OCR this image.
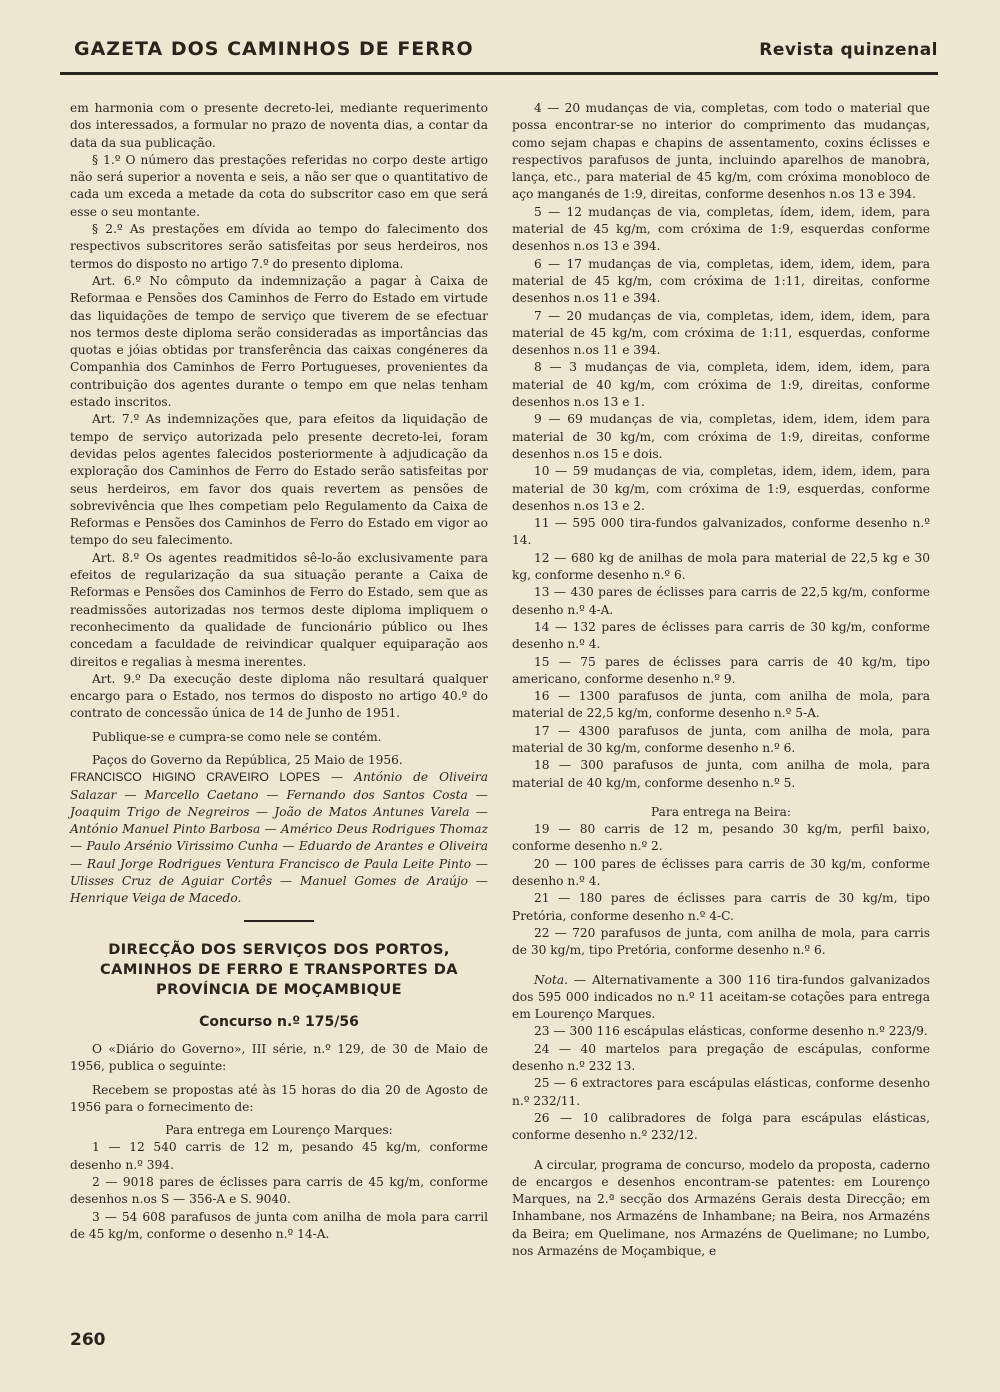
GAZETA DOS CAMINHOS DE FERRO	Revista quinzenal

em harmonia com o presente decreto-lei, mediante requerimento dos interessados, a formular no prazo de noventa dias, a contar da data da sua publicação.

§ 1.º O número das prestações referidas no corpo deste artigo não será superior a noventa e seis, a não ser que o quantitativo de cada um exceda a metade da cota do subscritor caso em que será esse o seu montante.

§ 2.º As prestações em dívida ao tempo do falecimento dos respectivos subscritores serão satisfeitas por seus herdeiros, nos termos do disposto no artigo 7.º do presento diploma.

Art. 6.º No cômputo da indemnização a pagar à Caixa de Reformaa e Pensões dos Caminhos de Ferro do Estado em virtude das liquidações de tempo de serviço que tiverem de se efectuar nos termos deste diploma serão consideradas as importâncias das quotas e jóias obtidas por transferência das caixas congéneres da Companhia dos Caminhos de Ferro Portugueses, provenientes da contribuição dos agentes durante o tempo em que nelas tenham estado inscritos.

Art. 7.º As indemnizações que, para efeitos da liquidação de tempo de serviço autorizada pelo presente decreto-lei, foram devidas pelos agentes falecidos posteriormente à adjudicação da exploração dos Caminhos de Ferro do Estado serão satisfeitas por seus herdeiros, em favor dos quais revertem as pensões de sobrevivência que lhes competiam pelo Regulamento da Caixa de Reformas e Pensões dos Caminhos de Ferro do Estado em vigor ao tempo do seu falecimento.

Art. 8.º Os agentes readmitidos sê-lo-ão exclusivamente para efeitos de regularização da sua situação perante a Caixa de Reformas e Pensões dos Caminhos de Ferro do Estado, sem que as readmissões autorizadas nos termos deste diploma impliquem o reconhecimento da qualidade de funcionário público ou lhes concedam a faculdade de reivindicar qualquer equiparação aos direitos e regalias à mesma inerentes.

Art. 9.º Da execução deste diploma não resultará qualquer encargo para o Estado, nos termos do disposto no artigo 40.º do contrato de concessão única de 14 de Junho de 1951.

Publique-se e cumpra-se como nele se contém.

Paços do Governo da República, 25 Maio de 1956.

FRANCISCO HIGINO CRAVEIRO LOPES — António de Oliveira Salazar — Marcello Caetano — Fernando dos Santos Costa — Joaquim Trigo de Negreiros — João de Matos Antunes Varela — António Manuel Pinto Barbosa — Américo Deus Rodrigues Thomaz — Paulo Arsénio Virissimo Cunha — Eduardo de Arantes e Oliveira — Raul Jorge Rodrigues Ventura Francisco de Paula Leite Pinto — Ulisses Cruz de Aguiar Cortês — Manuel Gomes de Araújo — Henrique Veiga de Macedo.

DIRECÇÃO DOS SERVIÇOS DOS PORTOS, CAMINHOS DE FERRO E TRANSPORTES DA PROVÍNCIA DE MOÇAMBIQUE
Concurso n.º 175/56

O «Diário do Governo», III série, n.º 129, de 30 de Maio de 1956, publica o seguinte:

Recebem se propostas até às 15 horas do dia 20 de Agosto de 1956 para o fornecimento de:

Para entrega em Lourenço Marques:

1 — 12 540 carris de 12 m, pesando 45 kg/m, conforme desenho n.º 394.

2 — 9018 pares de éclisses para carris de 45 kg/m, conforme desenhos n.os S — 356-A e S. 9040.

3 — 54 608 parafusos de junta com anilha de mola para carril de 45 kg/m, conforme o desenho n.º 14-A.

4 — 20 mudanças de via, completas, com todo o material que possa encontrar-se no interior do comprimento das mudanças, como sejam chapas e chapins de assentamento, coxins éclisses e respectivos parafusos de junta, incluindo aparelhos de manobra, lança, etc., para material de 45 kg/m, com cróxima monobloco de aço manganés de 1:9, direitas, conforme desenhos n.os 13 e 394.

5 — 12 mudanças de via, completas, ídem, idem, idem, para material de 45 kg/m, com cróxima de 1:9, esquerdas conforme desenhos n.os 13 e 394.

6 — 17 mudanças de via, completas, idem, idem, idem, para material de 45 kg/m, com cróxima de 1:11, direitas, conforme desenhos n.os 11 e 394.

7 — 20 mudanças de via, completas, idem, idem, idem, para material de 45 kg/m, com cróxima de 1:11, esquerdas, conforme desenhos n.os 11 e 394.

8 — 3 mudanças de via, completa, idem, idem, idem, para material de 40 kg/m, com cróxima de 1:9, direitas, conforme desenhos n.os 13 e 1.

9 — 69 mudanças de via, completas, idem, idem, idem para material de 30 kg/m, com cróxima de 1:9, direitas, conforme desenhos n.os 15 e dois.

10 — 59 mudanças de via, completas, idem, idem, idem, para material de 30 kg/m, com cróxima de 1:9, esquerdas, conforme desenhos n.os 13 e 2.

11 — 595 000 tira-fundos galvanizados, conforme desenho n.º 14.

12 — 680 kg de anilhas de mola para material de 22,5 kg e 30 kg, conforme desenho n.º 6.

13 — 430 pares de éclisses para carris de 22,5 kg/m, conforme desenho n.º 4-A.

14 — 132 pares de éclisses para carris de 30 kg/m, conforme desenho n.º 4.

15 — 75 pares de éclisses para carris de 40 kg/m, tipo americano, conforme desenho n.º 9.

16 — 1300 parafusos de junta, com anilha de mola, para material de 22,5 kg/m, conforme desenho n.º 5-A.

17 — 4300 parafusos de junta, com anilha de mola, para material de 30 kg/m, conforme desenho n.º 6.

18 — 300 parafusos de junta, com anilha de mola, para material de 40 kg/m, conforme desenho n.º 5.

Para entrega na Beira:

19 — 80 carris de 12 m, pesando 30 kg/m, perfil baixo, conforme desenho n.º 2.

20 — 100 pares de éclisses para carris de 30 kg/m, conforme desenho n.º 4.

21 — 180 pares de éclisses para carris de 30 kg/m, tipo Pretória, conforme desenho n.º 4-C.

22 — 720 parafusos de junta, com anilha de mola, para carris de 30 kg/m, tipo Pretória, conforme desenho n.º 6.

Nota. — Alternativamente a 300 116 tira-fundos galvanizados dos 595 000 indicados no n.º 11 aceitam-se cotações para entrega em Lourenço Marques.

23 — 300 116 escápulas elásticas, conforme desenho n.º 223/9.

24 — 40 martelos para pregação de escápulas, conforme desenho n.º 232 13.

25 — 6 extractores para escápulas elásticas, conforme desenho n.º 232/11.

26 — 10 calibradores de folga para escápulas elásticas, conforme desenho n.º 232/12.

A circular, programa de concurso, modelo da proposta, caderno de encargos e desenhos encontram-se patentes: em Lourenço Marques, na 2.ª secção dos Armazéns Gerais desta Direcção; em Inhambane, nos Armazéns de Inhambane; na Beira, nos Armazéns da Beira; em Quelimane, nos Armazéns de Quelimane; no Lumbo, nos Armazéns de Moçambique, e

260
